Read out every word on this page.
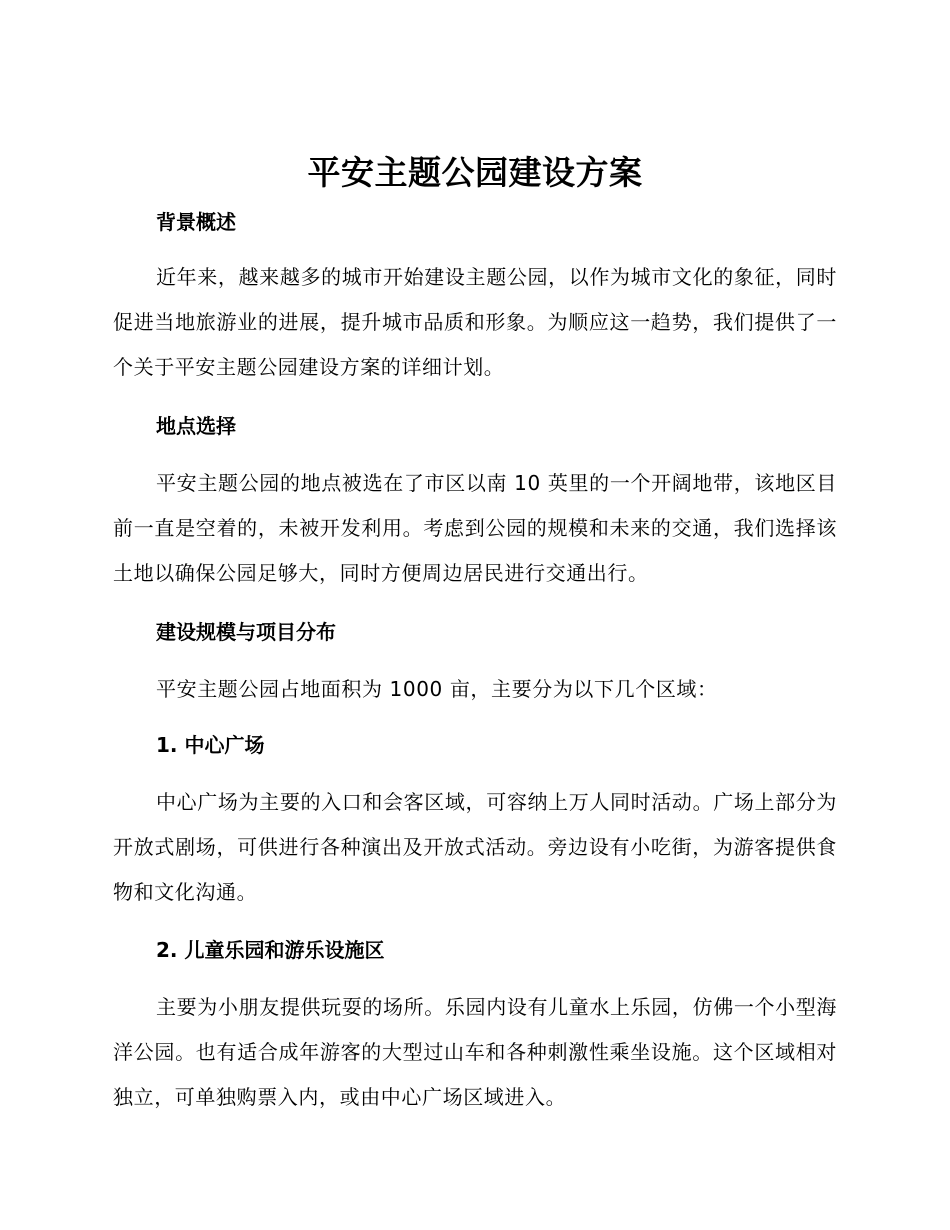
平安主题公园建设方案
背景概述

近年来，越来越多的城市开始建设主题公园，以作为城市文化的象征，同时促进当地旅游业的进展，提升城市品质和形象。为顺应这一趋势，我们提供了一个关于平安主题公园建设方案的详细计划。

地点选择

平安主题公园的地点被选在了市区以南 10 英里的一个开阔地带，该地区目前一直是空着的，未被开发利用。考虑到公园的规模和未来的交通，我们选择该土地以确保公园足够大，同时方便周边居民进行交通出行。

建设规模与项目分布

平安主题公园占地面积为 1000 亩，主要分为以下几个区域：

1. 中心广场

中心广场为主要的入口和会客区域，可容纳上万人同时活动。广场上部分为开放式剧场，可供进行各种演出及开放式活动。旁边设有小吃街，为游客提供食物和文化沟通。

2. 儿童乐园和游乐设施区

主要为小朋友提供玩耍的场所。乐园内设有儿童水上乐园，仿佛一个小型海洋公园。也有适合成年游客的大型过山车和各种刺激性乘坐设施。这个区域相对独立，可单独购票入内，或由中心广场区域进入。
